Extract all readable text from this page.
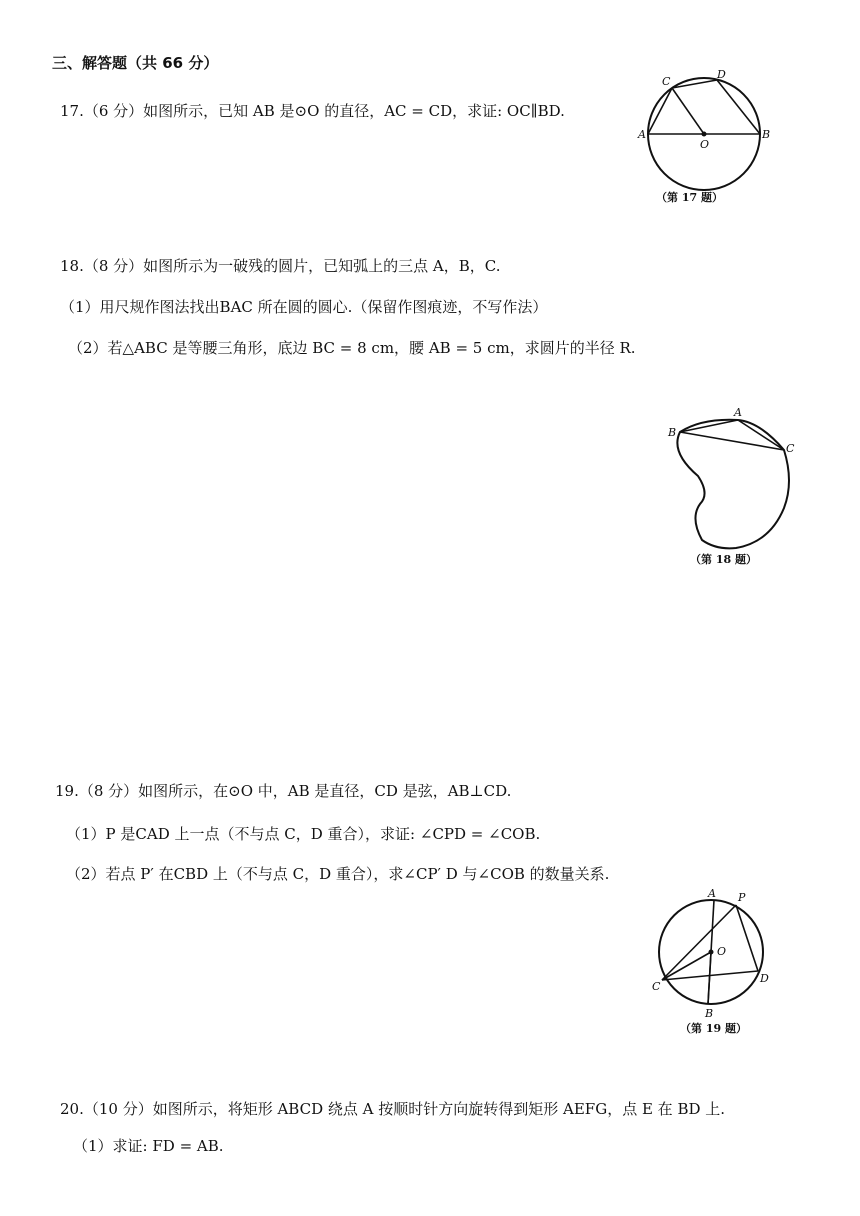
三、解答题（共 66 分）
17.（6 分）如图所示，已知 AB 是⊙O 的直径，AC = CD，求证: OC∥BD.
A	B
C
D
O
（第 17 题）
18.（8 分）如图所示为一破残的圆片，已知弧上的三点 A，B，C.
（1）用尺规作图法找出BAC 所在圆的圆心.（保留作图痕迹，不写作法）
（2）若△ABC 是等腰三角形，底边 BC = 8 cm，腰 AB = 5 cm，求圆片的半径 R.
B
A
C
（第 18 题）
19.（8 分）如图所示，在⊙O 中，AB 是直径，CD 是弦，AB⊥CD.
（1）P 是CAD 上一点（不与点 C，D 重合），求证: ∠CPD = ∠COB.
（2）若点 P′ 在CBD 上（不与点 C，D 重合），求∠CP′ D 与∠COB 的数量关系.
A P
O
C
D
B
（第 19 题）
20.（10 分）如图所示，将矩形 ABCD 绕点 A 按顺时针方向旋转得到矩形 AEFG，点 E 在 BD 上.
（1）求证: FD = AB.
